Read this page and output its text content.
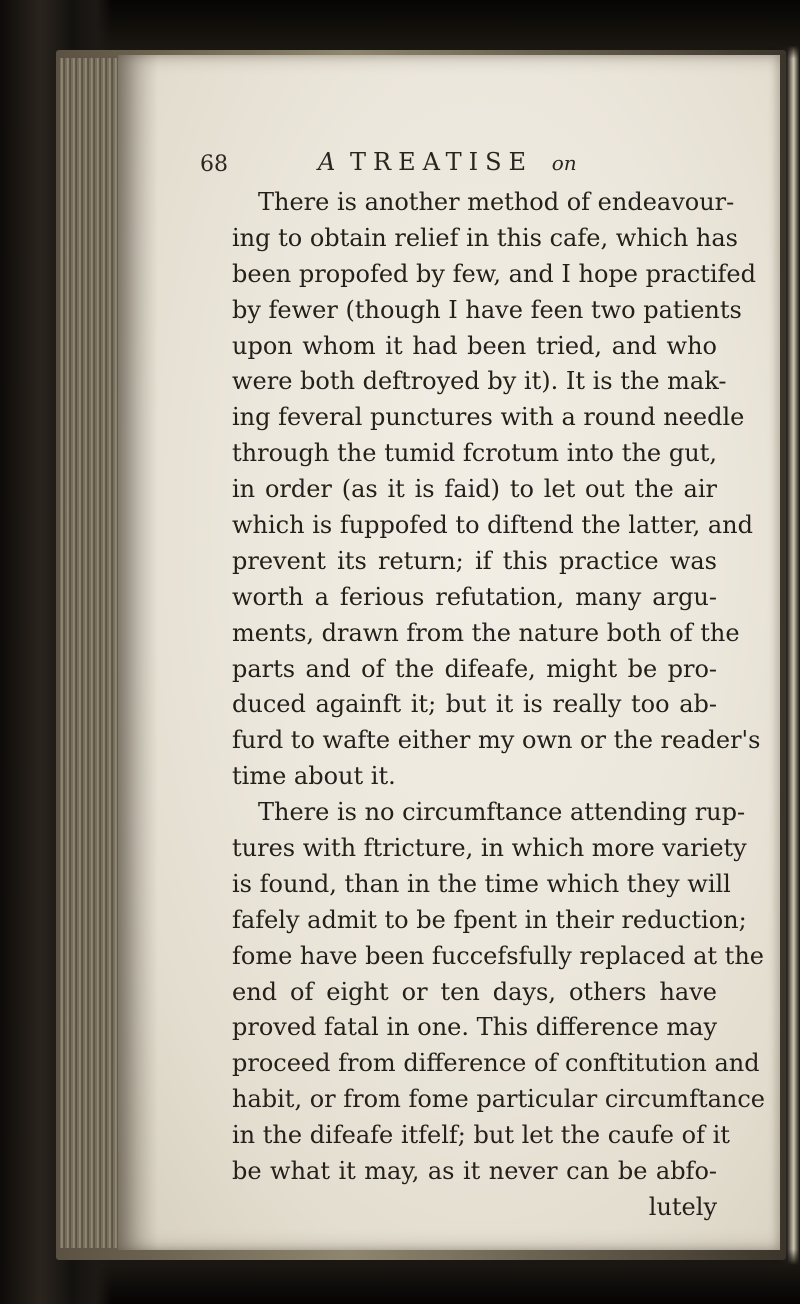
68	A TREATISE on
There is another method of endeavour-
ing to obtain relief in this cafe, which has
been propofed by few, and I hope practifed
by fewer (though I have feen two patients
upon whom it had been tried, and who
were both deftroyed by it). It is the mak-
ing feveral punctures with a round needle
through the tumid fcrotum into the gut,
in order (as it is faid) to let out the air
which is fuppofed to diftend the latter, and
prevent its return; if this practice was
worth a ferious refutation, many argu-
ments, drawn from the nature both of the
parts and of the difeafe, might be pro-
duced againft it; but it is really too ab-
furd to wafte either my own or the reader's
time about it.
There is no circumftance attending rup-
tures with ftricture, in which more variety
is found, than in the time which they will
fafely admit to be fpent in their reduction;
fome have been fuccefsfully replaced at the
end of eight or ten days, others have
proved fatal in one. This difference may
proceed from difference of conftitution and
habit, or from fome particular circumftance
in the difeafe itfelf; but let the caufe of it
be what it may, as it never can be abfo-
lutely
